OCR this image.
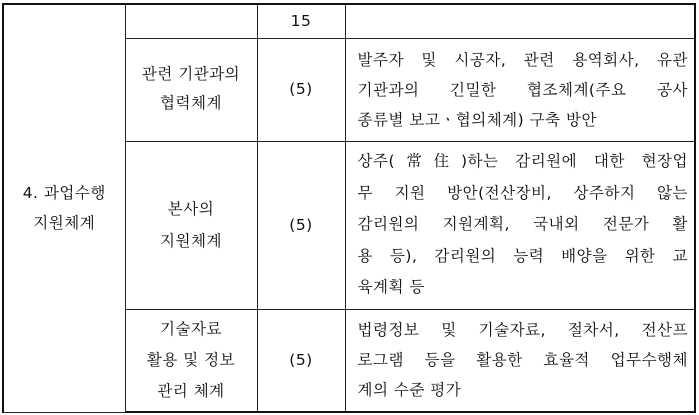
4. 과업수행
지원체계		15	

	관련 기관과의
협력체계	(5)	발주자 및 시공자, 관련 용역회사, 유관
기관과의 긴밀한 협조체계(주요 공사
종류별 보고ㆍ협의체계) 구축 방안

	본사의
지원체계	(5)	상주(常住)하는 감리원에 대한 현장업
무 지원 방안(전산장비, 상주하지 않는
감리원의 지원계획, 국내외 전문가 활
용 등), 감리원의 능력 배양을 위한 교
육계획 등

	기술자료
활용 및 정보
관리 체계	(5)	법령정보 및 기술자료, 절차서, 전산프
로그램 등을 활용한 효율적 업무수행체
계의 수준 평가
